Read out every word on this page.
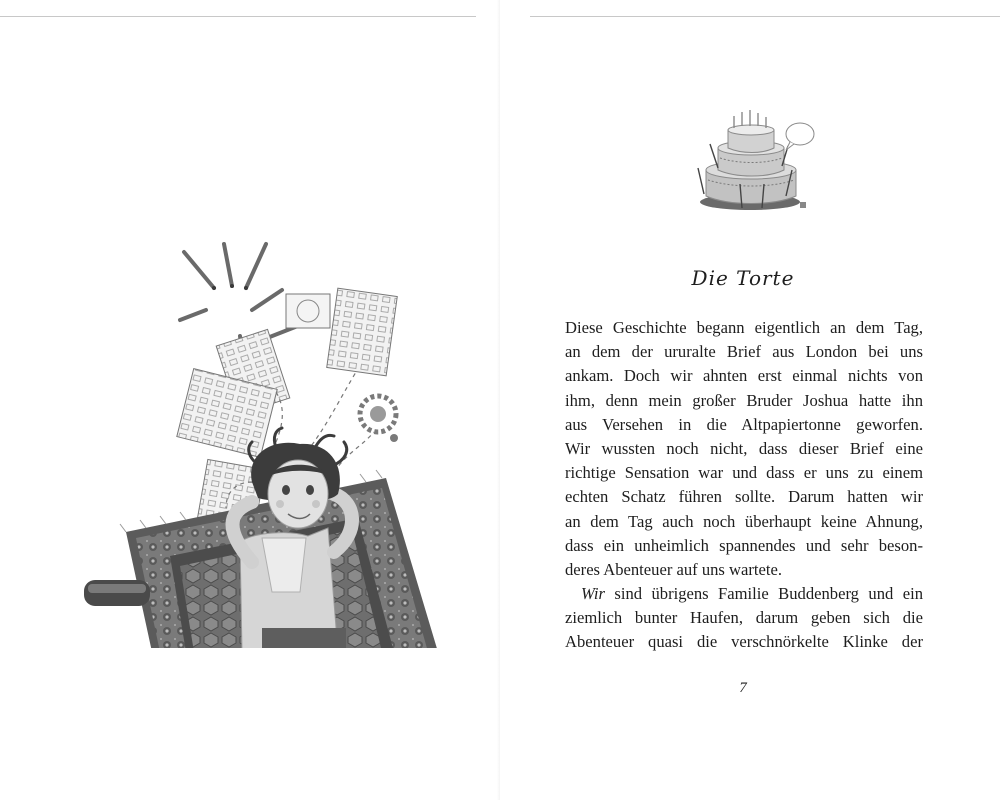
Die Torte
Diese Geschichte begann eigentlich an dem Tag,
an dem der ururalte Brief aus London bei uns
ankam. Doch wir ahnten erst einmal nichts von
ihm, denn mein großer Bruder Joshua hatte ihn
aus Versehen in die Altpapiertonne geworfen.
Wir wussten noch nicht, dass dieser Brief eine
richtige Sensation war und dass er uns zu einem
echten Schatz führen sollte. Darum hatten wir
an dem Tag auch noch überhaupt keine Ahnung,
dass ein unheimlich spannendes und sehr beson-
deres Abenteuer auf uns wartete.
Wir sind übrigens Familie Buddenberg und ein
ziemlich bunter Haufen, darum geben sich die
Abenteuer quasi die verschnörkelte Klinke der
7
